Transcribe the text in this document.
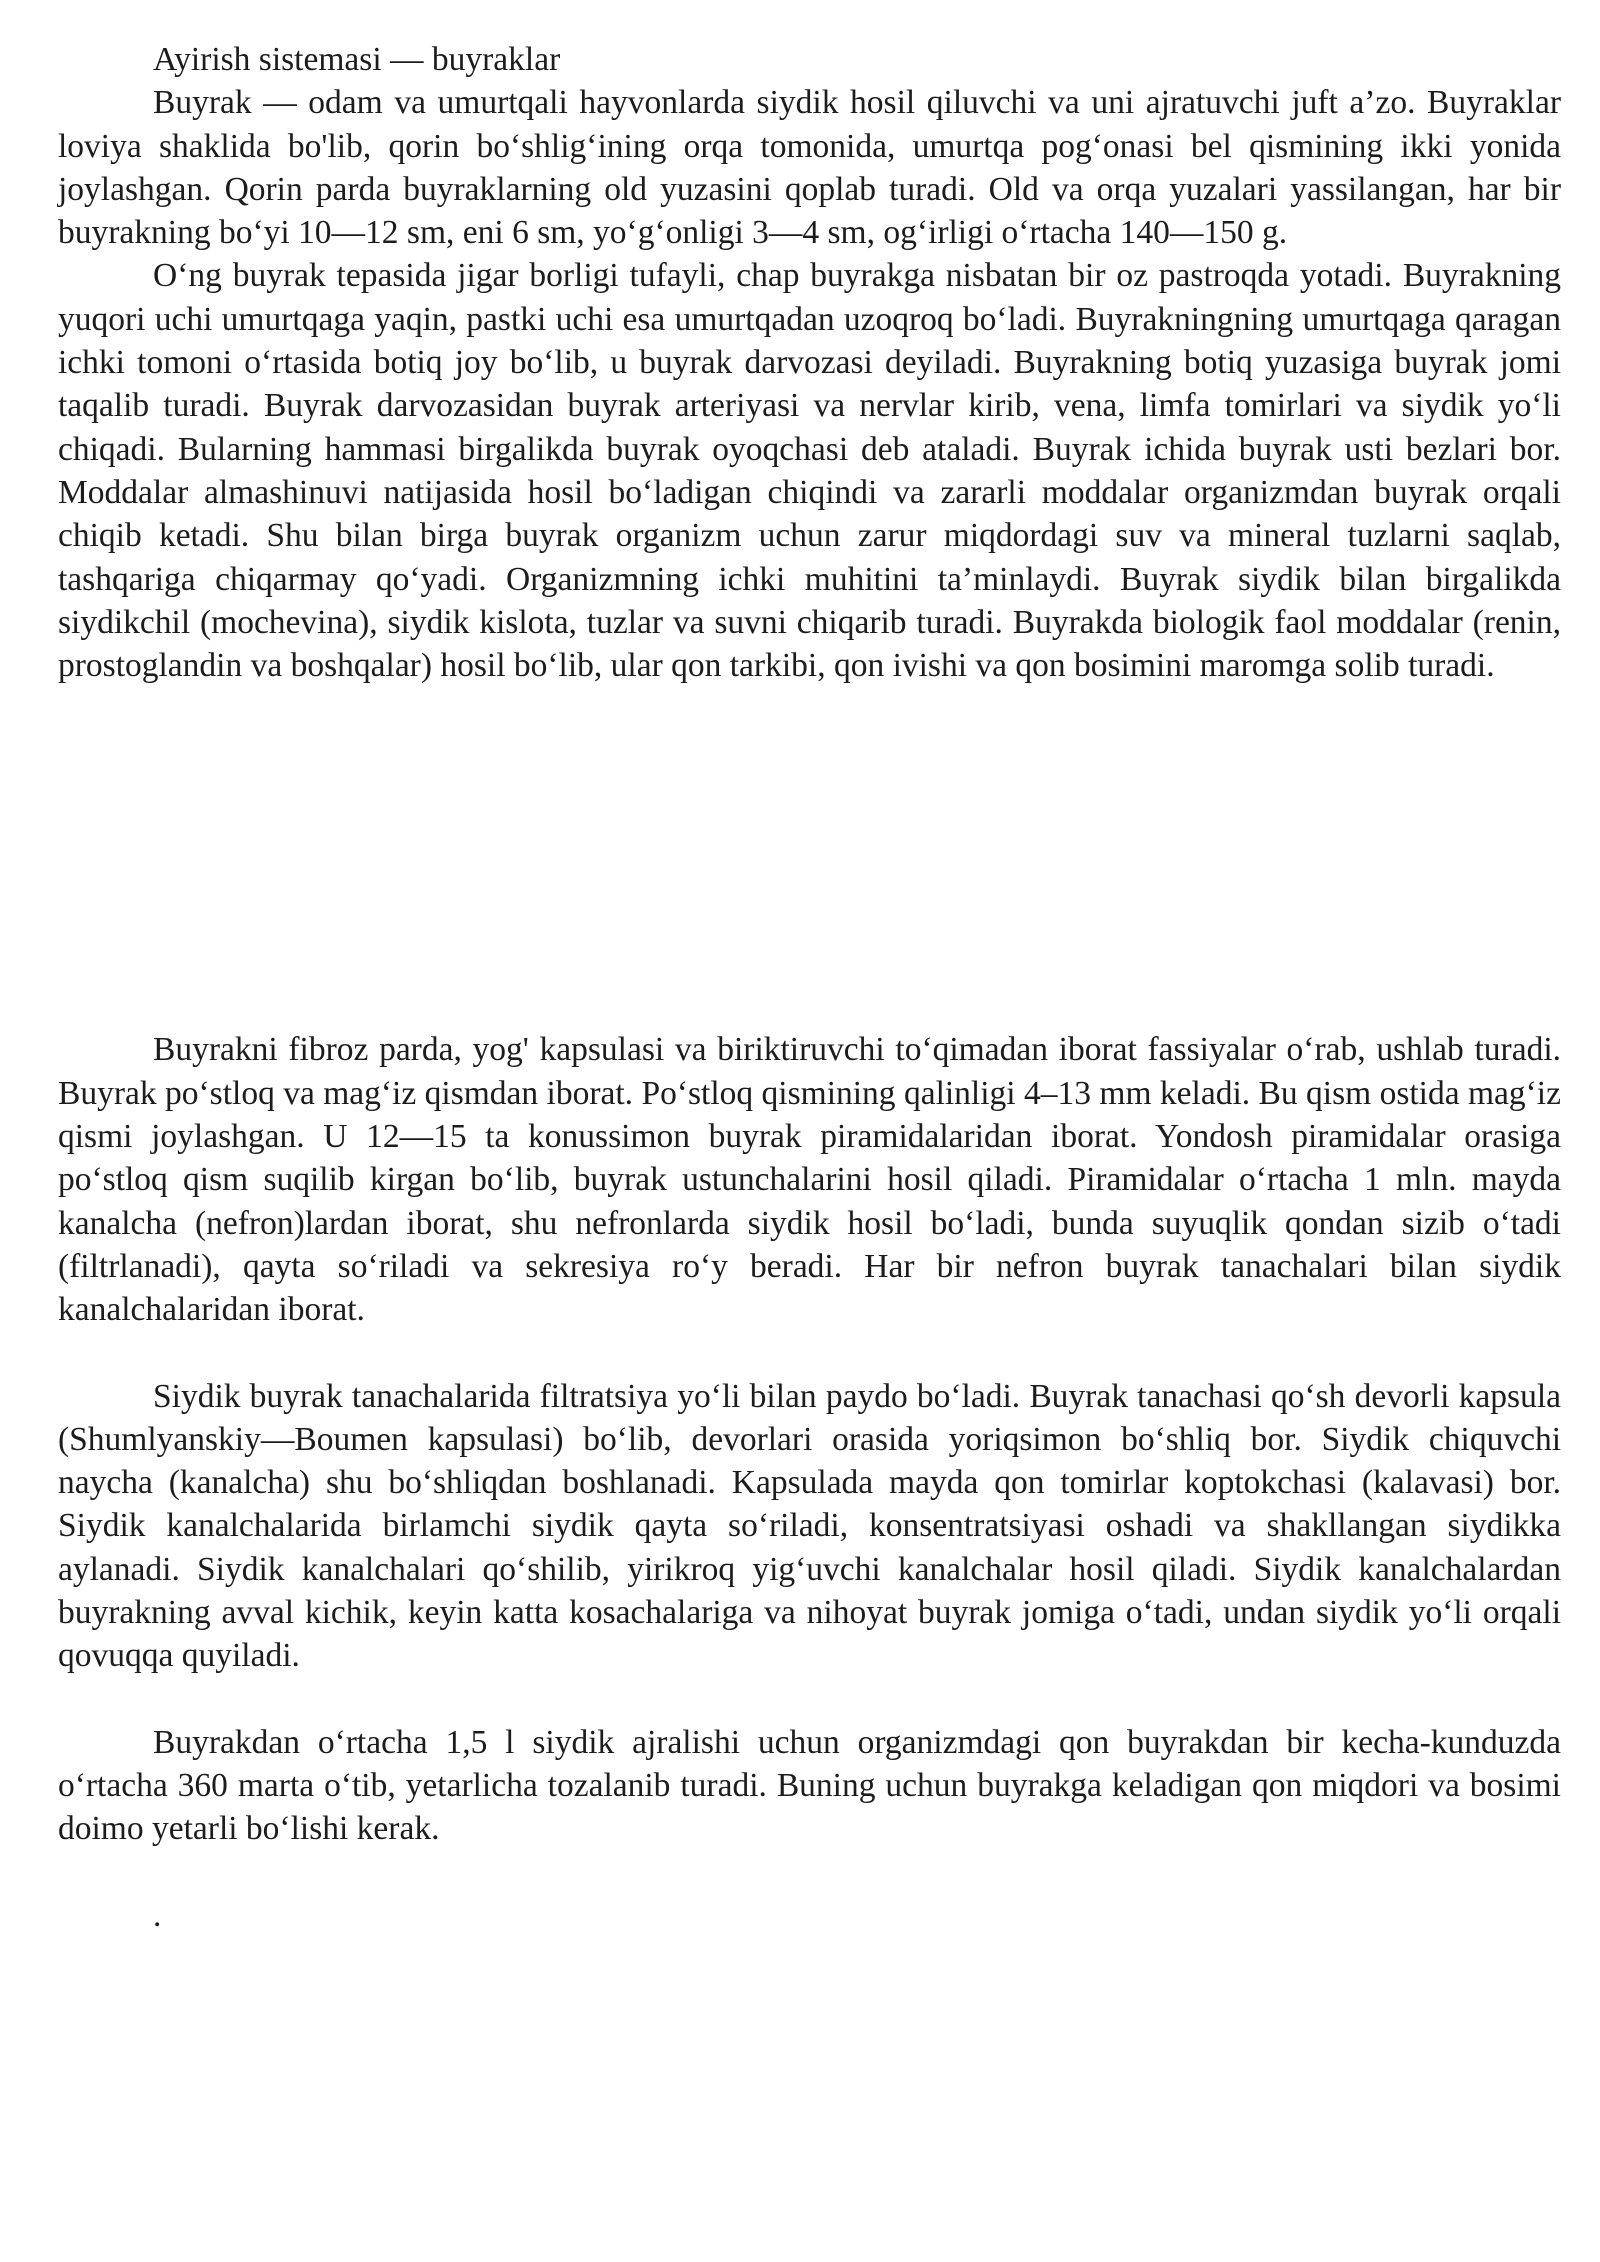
Ayirish sistemasi — buyraklar

Buyrak — odam va umurtqali hayvonlarda siydik hosil qiluvchi va uni ajratuvchi juft a’zo. Buyraklar loviya shaklida bo'lib, qorin bo‘shlig‘ining orqa tomonida, umurtqa pog‘onasi bel qismining ikki yonida joylashgan. Qorin parda buyraklarning old yuzasini qoplab turadi. Old va orqa yuzalari yassilangan, har bir buyrakning bo‘yi 10—12 sm, eni 6 sm, yo‘g‘onligi 3—4 sm, og‘irligi o‘rtacha 140—150 g.

O‘ng buyrak tepasida jigar borligi tufayli, chap buyrakga nisbatan bir oz pastroqda yotadi. Buyrakning yuqori uchi umurtqaga yaqin, pastki uchi esa umurtqadan uzoqroq bo‘ladi. Buyrakningning umurtqaga qaragan ichki tomoni o‘rtasida botiq joy bo‘lib, u buyrak darvozasi deyiladi. Buyrakning botiq yuzasiga buyrak jomi taqalib turadi. Buyrak darvozasidan buyrak arteriyasi va nervlar kirib, vena, limfa tomirlari va siydik yo‘li chiqadi. Bularning hammasi birgalikda buyrak oyoqchasi deb ataladi. Buyrak ichida buyrak usti bezlari bor. Moddalar almashinuvi natijasida hosil bo‘ladigan chiqindi va zararli moddalar organizmdan buyrak orqali chiqib ketadi. Shu bilan birga buyrak organizm uchun zarur miqdordagi suv va mineral tuzlarni saqlab, tashqariga chiqarmay qo‘yadi. Organizmning ichki muhitini ta’minlaydi. Buyrak siydik bilan birgalikda siydikchil (mochevina), siydik kislota, tuzlar va suvni chiqarib turadi. Buyrakda biologik faol moddalar (renin, prostoglandin va boshqalar) hosil bo‘lib, ular qon tarkibi, qon ivishi va qon bosimini maromga solib turadi.

Buyrakni fibroz parda, yog' kapsulasi va biriktiruvchi to‘qimadan iborat fassiyalar o‘rab, ushlab turadi. Buyrak po‘stloq va mag‘iz qismdan iborat. Po‘stloq qismining qalinligi 4–13 mm keladi. Bu qism ostida mag‘iz qismi joylashgan. U 12—15 ta konussimon buyrak piramidalaridan iborat. Yondosh piramidalar orasiga po‘stloq qism suqilib kirgan bo‘lib, buyrak ustunchalarini hosil qiladi. Piramidalar o‘rtacha 1 mln. mayda kanalcha (nefron)lardan iborat, shu nefronlarda siydik hosil bo‘ladi, bunda suyuqlik qondan sizib o‘tadi (filtrlanadi), qayta so‘riladi va sekresiya ro‘y beradi. Har bir nefron buyrak tanachalari bilan siydik kanalchalaridan iborat.

Siydik buyrak tanachalarida filtratsiya yo‘li bilan paydo bo‘ladi. Buyrak tanachasi qo‘sh devorli kapsula (Shumlyanskiy—Boumen kapsulasi) bo‘lib, devorlari orasida yoriqsimon bo‘shliq bor. Siydik chiquvchi naycha (kanalcha) shu bo‘shliqdan boshlanadi. Kapsulada mayda qon tomirlar koptokchasi (kalavasi) bor. Siydik kanalchalarida birlamchi siydik qayta so‘riladi, konsentratsiyasi oshadi va shakllangan siydikka aylanadi. Siydik kanalchalari qo‘shilib, yirikroq yig‘uvchi kanalchalar hosil qiladi. Siydik kanalchalardan buyrakning avval kichik, keyin katta kosachalariga va nihoyat buyrak jomiga o‘tadi, undan siydik yo‘li orqali qovuqqa quyiladi.

Buyrakdan o‘rtacha 1,5 l siydik ajralishi uchun organizmdagi qon buyrakdan bir kecha-kunduzda o‘rtacha 360 marta o‘tib, yetarlicha tozalanib turadi. Buning uchun buyrakga keladigan qon miqdori va bosimi doimo yetarli bo‘lishi kerak.

.
